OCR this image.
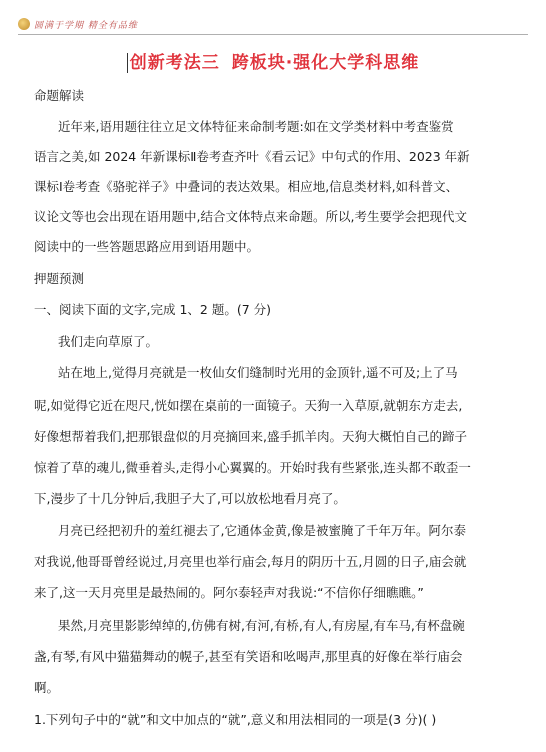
圆满于学期 精全有品维
创新考法三 跨板块·强化大学科思维
命题解读
近年来,语用题往往立足文体特征来命制考题:如在文学类材料中考查鉴赏
语言之美,如 2024 年新课标Ⅱ卷考查齐叶《看云记》中句式的作用、2023 年新
课标Ⅰ卷考查《骆驼祥子》中叠词的表达效果。相应地,信息类材料,如科普文、
议论文等也会出现在语用题中,结合文体特点来命题。所以,考生要学会把现代文
阅读中的一些答题思路应用到语用题中。
押题预测
一、阅读下面的文字,完成 1、2 题。(7 分)
我们走向草原了。
站在地上,觉得月亮就是一枚仙女们缝制时光用的金顶针,遥不可及;上了马
呢,如觉得它近在咫尺,恍如摆在桌前的一面镜子。天狗一入草原,就朝东方走去,
好像想帮着我们,把那银盘似的月亮摘回来,盛手抓羊肉。天狗大概怕自己的蹄子
惊着了草的魂儿,微垂着头,走得小心翼翼的。开始时我有些紧张,连头都不敢歪一
下,漫步了十几分钟后,我胆子大了,可以放松地看月亮了。
月亮已经把初升的羞红褪去了,它通体金黄,像是被蜜腌了千年万年。阿尔泰
对我说,他哥哥曾经说过,月亮里也举行庙会,每月的阴历十五,月圆的日子,庙会就
来了,这一天月亮里是最热闹的。阿尔泰轻声对我说:“不信你仔细瞧瞧。”
果然,月亮里影影绰绰的,仿佛有树,有河,有桥,有人,有房屋,有车马,有杯盘碗
盏,有琴,有风中猫猫舞动的幌子,甚至有笑语和吆喝声,那里真的好像在举行庙会
啊。
1.下列句子中的“就”和文中加点的“就”,意义和用法相同的一项是(3 分)( )
